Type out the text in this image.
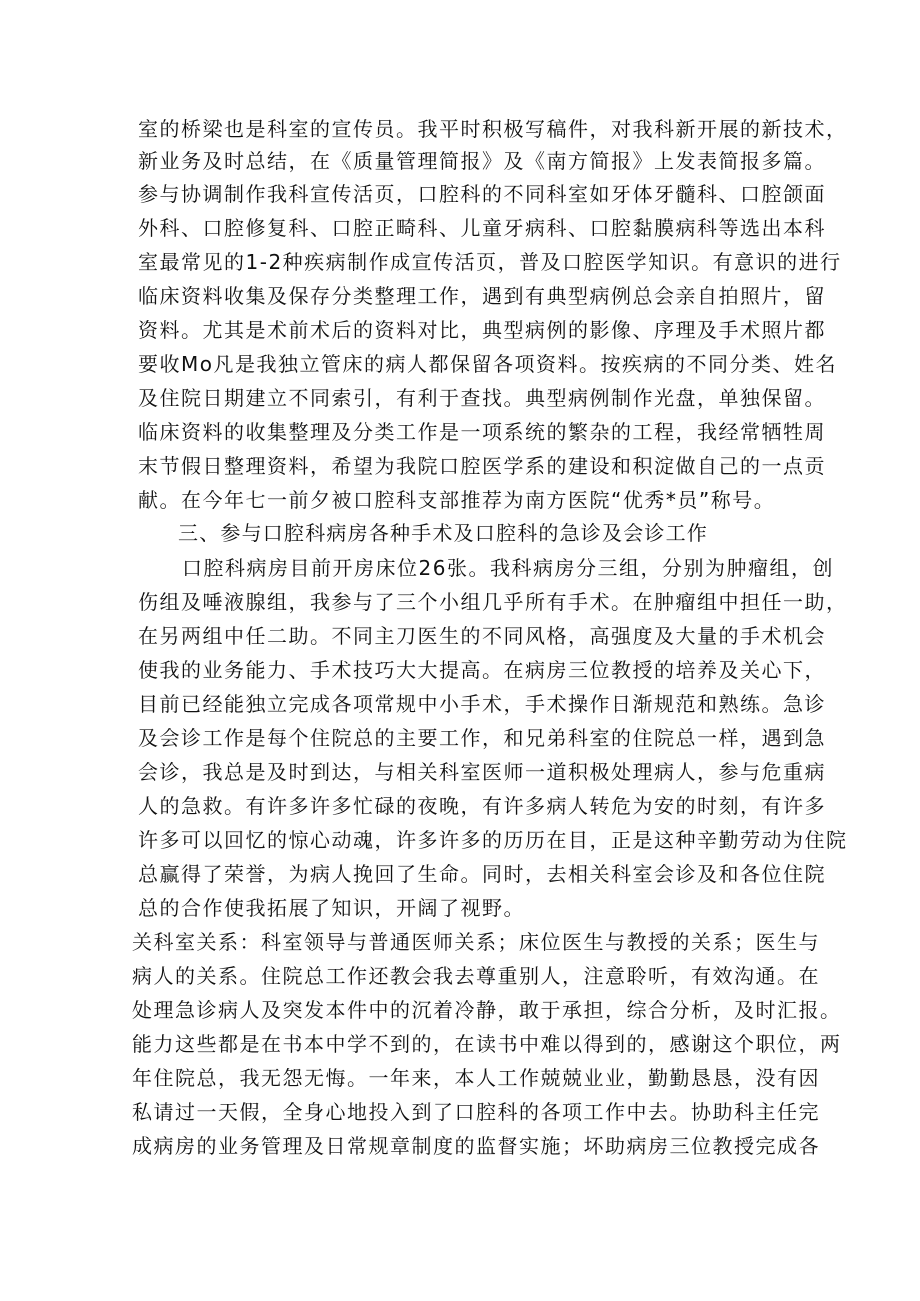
室的桥梁也是科室的宣传员。我平时积极写稿件，对我科新开展的新技术，
新业务及时总结，在《质量管理简报》及《南方简报》上发表简报多篇。
参与协调制作我科宣传活页，口腔科的不同科室如牙体牙髓科、口腔颌面
外科、口腔修复科、口腔正畸科、儿童牙病科、口腔黏膜病科等选出本科
室最常见的1-2种疾病制作成宣传活页，普及口腔医学知识。有意识的进行
临床资料收集及保存分类整理工作，遇到有典型病例总会亲自拍照片，留
资料。尤其是术前术后的资料对比，典型病例的影像、序理及手术照片都
要收Mo凡是我独立管床的病人都保留各项资料。按疾病的不同分类、姓名
及住院日期建立不同索引，有利于查找。典型病例制作光盘，单独保留。
临床资料的收集整理及分类工作是一项系统的繁杂的工程，我经常牺牲周
末节假日整理资料，希望为我院口腔医学系的建设和积淀做自己的一点贡
献。在今年七一前夕被口腔科支部推荐为南方医院“优秀*员”称号。
三、参与口腔科病房各种手术及口腔科的急诊及会诊工作
口腔科病房目前开房床位26张。我科病房分三组，分别为肿瘤组，创
伤组及唾液腺组，我参与了三个小组几乎所有手术。在肿瘤组中担任一助，
在另两组中任二助。不同主刀医生的不同风格，高强度及大量的手术机会
使我的业务能力、手术技巧大大提高。在病房三位教授的培养及关心下，
目前已经能独立完成各项常规中小手术，手术操作日渐规范和熟练。急诊
及会诊工作是每个住院总的主要工作，和兄弟科室的住院总一样，遇到急
会诊，我总是及时到达，与相关科室医师一道积极处理病人，参与危重病
人的急救。有许多许多忙碌的夜晚，有许多病人转危为安的时刻，有许多
许多可以回忆的惊心动魂，许多许多的历历在目，正是这种辛勤劳动为住院
总赢得了荣誉，为病人挽回了生命。同时，去相关科室会诊及和各位住院
总的合作使我拓展了知识，开阔了视野。
关科室关系：科室领导与普通医师关系；床位医生与教授的关系；医生与
病人的关系。住院总工作还教会我去尊重别人，注意聆听，有效沟通。在
处理急诊病人及突发本件中的沉着冷静，敢于承担，综合分析，及时汇报。
能力这些都是在书本中学不到的，在读书中难以得到的，感谢这个职位，两
年住院总，我无怨无悔。一年来，本人工作兢兢业业，勤勤恳恳，没有因
私请过一天假，全身心地投入到了口腔科的各项工作中去。协助科主任完
成病房的业务管理及日常规章制度的监督实施；坏助病房三位教授完成各
